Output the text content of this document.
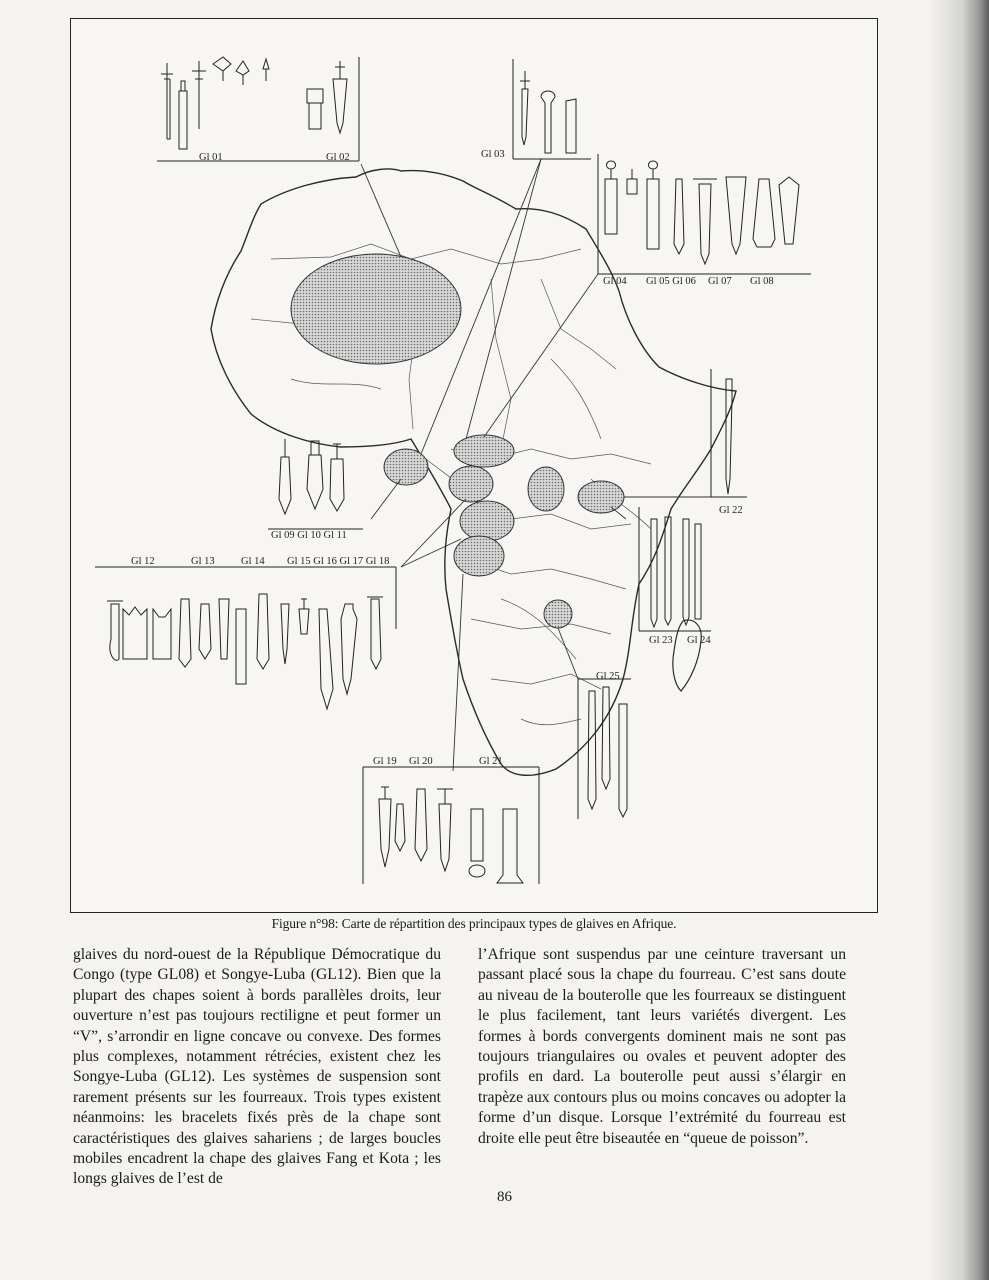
Gl 01	Gl 02	Gl 03
Gl 04 Gl 05 Gl 06 Gl 07 Gl 08
Gl 09 Gl 10 Gl 11
Gl 12	Gl 13	Gl 14 Gl 15 Gl 16 Gl 17 Gl 18
Gl 19 Gl 20	Gl 21
Gl 22
Gl 23 Gl 24
Gl 25
Figure n°98: Carte de répartition des principaux types de glaives en Afrique.
glaives du nord-ouest de la République Démocratique du Congo (type GL08) et Songye-Luba (GL12). Bien que la plupart des chapes soient à bords parallèles droits, leur ouverture n’est pas toujours rectiligne et peut former un “V”, s’arrondir en ligne concave ou convexe. Des formes plus complexes, notamment rétrécies, existent chez les Songye-Luba (GL12). Les systèmes de suspension sont rarement présents sur les fourreaux. Trois types existent néanmoins: les bracelets fixés près de la chape sont caractéristiques des glaives sahariens ; de larges boucles mobiles encadrent la chape des glaives Fang et Kota ; les longs glaives de l’est de
l’Afrique sont suspendus par une ceinture traversant un passant placé sous la chape du fourreau. C’est sans doute au niveau de la bouterolle que les fourreaux se distinguent le plus facilement, tant leurs variétés divergent. Les formes à bords convergents dominent mais ne sont pas toujours triangulaires ou ovales et peuvent adopter des profils en dard. La bouterolle peut aussi s’élargir en trapèze aux contours plus ou moins concaves ou adopter la forme d’un disque. Lorsque l’extrémité du fourreau est droite elle peut être biseautée en “queue de poisson”.
86
